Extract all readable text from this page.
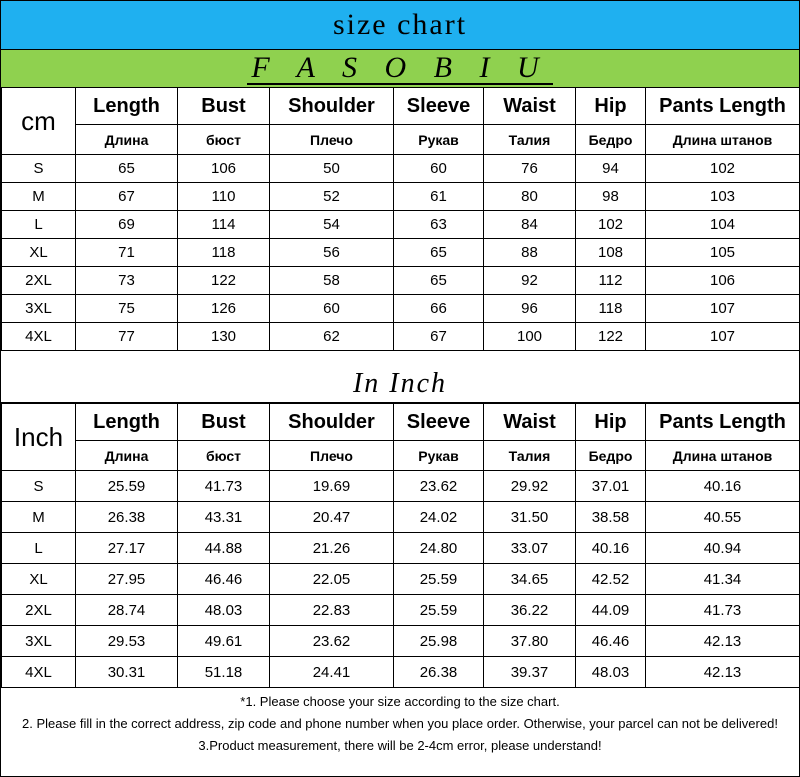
size chart
F A S O B I U
cm	Length	Bust	Shoulder	Sleeve	Waist	Hip	Pants Length
	Длина	бюст	Плечо	Рукав	Талия	Бедро	Длина штанов
S	65	106	50	60	76	94	102
M	67	110	52	61	80	98	103
L	69	114	54	63	84	102	104
XL	71	118	56	65	88	108	105
2XL	73	122	58	65	92	112	106
3XL	75	126	60	66	96	118	107
4XL	77	130	62	67	100	122	107
In Inch
Inch	Length	Bust	Shoulder	Sleeve	Waist	Hip	Pants Length
	Длина	бюст	Плечо	Рукав	Талия	Бедро	Длина штанов
S	25.59	41.73	19.69	23.62	29.92	37.01	40.16
M	26.38	43.31	20.47	24.02	31.50	38.58	40.55
L	27.17	44.88	21.26	24.80	33.07	40.16	40.94
XL	27.95	46.46	22.05	25.59	34.65	42.52	41.34
2XL	28.74	48.03	22.83	25.59	36.22	44.09	41.73
3XL	29.53	49.61	23.62	25.98	37.80	46.46	42.13
4XL	30.31	51.18	24.41	26.38	39.37	48.03	42.13
*1. Please choose your size according to the size chart.
2. Please fill in the correct address, zip code and phone number when you place order. Otherwise, your parcel can not be delivered!
3.Product measurement, there will be 2-4cm error, please understand!
